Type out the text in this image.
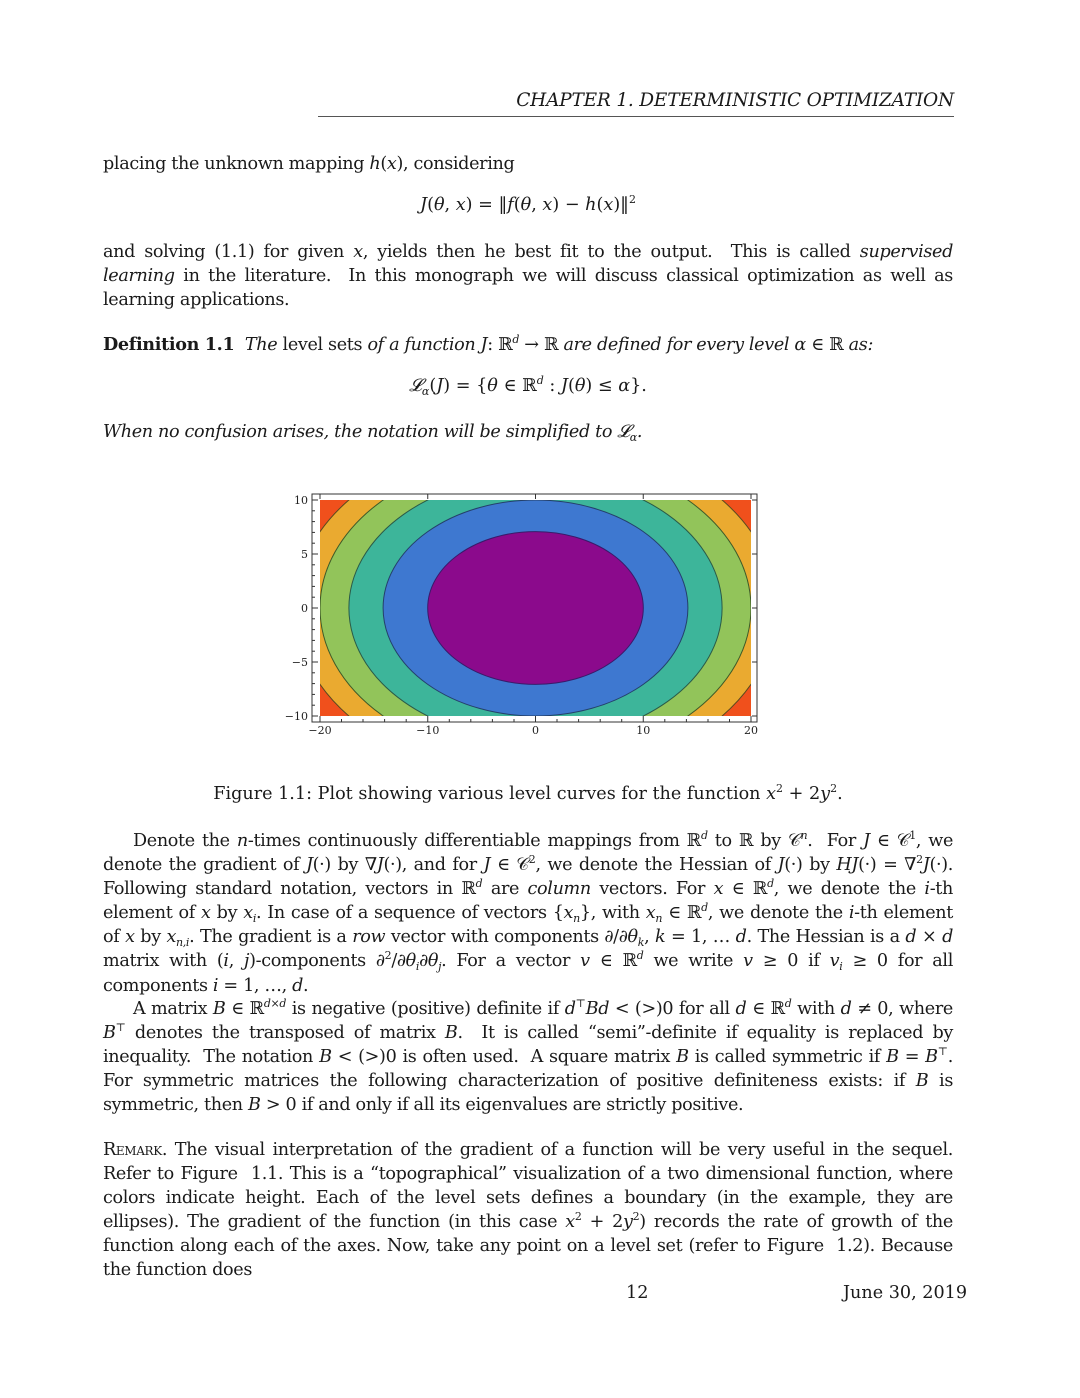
CHAPTER 1. DETERMINISTIC OPTIMIZATION
placing the unknown mapping h(x), considering
J(θ, x) = ‖f(θ, x) − h(x)‖$^2$
and solving (1.1) for given x, yields then he best fit to the output.  This is called supervised learning in the literature.  In this monograph we will discuss classical optimization as well as learning applications.
Definition 1.1 The level sets of a function J: ℝ$^d$ → ℝ are defined for every level α ∈ ℝ as:
𝓛$_\alpha$(J) = {θ ∈ ℝ$^d$ : J(θ) ≤ α}.
When no confusion arises, the notation will be simplified to 𝓛$_\alpha$.
−20	−10	0	10	20
10
5
0
−5
−10
Figure 1.1: Plot showing various level curves for the function $x^2 + 2y^2$.
Denote the n-times continuously differentiable mappings from ℝ$^d$ to ℝ by 𝒞$^n$.  For J ∈ 𝒞$^1$, we denote the gradient of J(·) by ∇J(·), and for J ∈ 𝒞$^2$, we denote the Hessian of J(·) by HJ(·) = ∇$^2$J(·). Following standard notation, vectors in ℝ$^d$ are column vectors. For x ∈ ℝ$^d$, we denote the i-th element of x by $x_i$. In case of a sequence of vectors $\{x_n\}$, with $x_n$ ∈ ℝ$^d$, we denote the i-th element of x by $x_{n,i}$. The gradient is a row vector with components $\partial/\partial\theta_k$, k = 1, … d. The Hessian is a d × d matrix with (i, j)-components $\partial^2/\partial\theta_i\partial\theta_j$. For a vector v ∈ ℝ$^d$ we write v ≥ 0 if $v_i \ge 0$ for all components i = 1, …, d.
A matrix B ∈ ℝ$^{d\times d}$ is negative (positive) definite if d⊤Bd < (>)0 for all d ∈ ℝ$^d$ with d ≠ 0, where B⊤ denotes the transposed of matrix B.  It is called “semi”-definite if equality is replaced by inequality.  The notation B < (>)0 is often used.  A square matrix B is called symmetric if B = B⊤. For symmetric matrices the following characterization of positive definiteness exists: if B is symmetric, then B > 0 if and only if all its eigenvalues are strictly positive.
Remark. The visual interpretation of the gradient of a function will be very useful in the sequel. Refer to Figure  1.1. This is a “topographical” visualization of a two dimensional function, where colors indicate height. Each of the level sets defines a boundary (in the example, they are ellipses). The gradient of the function (in this case $x^2 + 2y^2$) records the rate of growth of the function along each of the axes. Now, take any point on a level set (refer to Figure  1.2). Because the function does
12	June 30, 2019
